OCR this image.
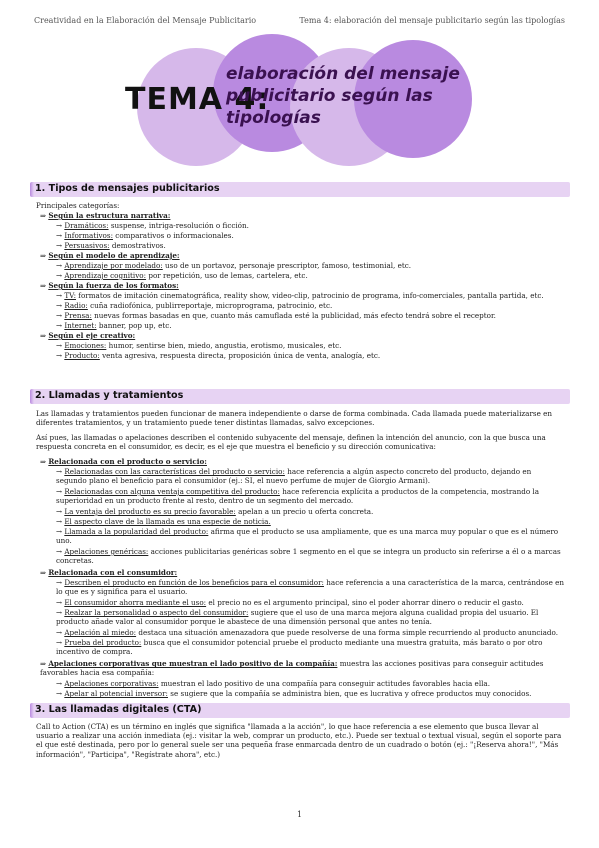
Creatividad en la Elaboración del Mensaje Publicitario	Tema 4: elaboración del mensaje publicitario según las tipologías
TEMA 4:
elaboración del mensaje publicitario según las tipologías
1. Tipos de mensajes publicitarios
Principales categorías:
⇒ Según la estructura narrativa:
→ Dramáticos: suspense, intriga-resolución o ficción.
→ Informativos: comparativos o informacionales.
→ Persuasivos: demostrativos.
⇒ Según el modelo de aprendizaje:
→ Aprendizaje por modelado: uso de un portavoz, personaje prescriptor, famoso, testimonial, etc.
→ Aprendizaje cognitivo: por repetición, uso de lemas, cartelera, etc.
⇒ Según la fuerza de los formatos:
→ TV: formatos de imitación cinematográfica, reality show, video-clip, patrocinio de programa, info-comerciales, pantalla partida, etc.
→ Radio: cuña radiofónica, publirreportaje, microprograma, patrocinio, etc.
→ Prensa: nuevas formas basadas en que, cuanto más camuflada esté la publicidad, más efecto tendrá sobre el receptor.
→ Internet: banner, pop up, etc.
⇒ Según el eje creativo:
→ Emociones: humor, sentirse bien, miedo, angustia, erotismo, musicales, etc.
→ Producto: venta agresiva, respuesta directa, proposición única de venta, analogía, etc.
2. Llamadas y tratamientos
Las llamadas y tratamientos pueden funcionar de manera independiente o darse de forma combinada. Cada llamada puede materializarse en diferentes tratamientos, y un tratamiento puede tener distintas llamadas, salvo excepciones.
Así pues, las llamadas o apelaciones describen el contenido subyacente del mensaje, definen la intención del anuncio, con la que busca una respuesta concreta en el consumidor, es decir, es el eje que muestra el beneficio y su dirección comunicativa:
⇒ Relacionada con el producto o servicio:
→ Relacionadas con las características del producto o servicio: hace referencia a algún aspecto concreto del producto, dejando en segundo plano el beneficio para el consumidor (ej.: SI, el nuevo perfume de mujer de Giorgio Armani).
→ Relacionadas con alguna ventaja competitiva del producto: hace referencia explícita a productos de la competencia, mostrando la superioridad en un producto frente al resto, dentro de un segmento del mercado.
→ La ventaja del producto es su precio favorable: apelan a un precio u oferta concreta.
→ El aspecto clave de la llamada es una especie de noticia.
→ Llamada a la popularidad del producto: afirma que el producto se usa ampliamente, que es una marca muy popular o que es el número uno.
→ Apelaciones genéricas: acciones publicitarias genéricas sobre 1 segmento en el que se integra un producto sin referirse a él o a marcas concretas.
⇒ Relacionada con el consumidor:
→ Describen el producto en función de los beneficios para el consumidor: hace referencia a una característica de la marca, centrándose en lo que es y significa para el usuario.
→ El consumidor ahorra mediante el uso: el precio no es el argumento principal, sino el poder ahorrar dinero o reducir el gasto.
→ Realzar la personalidad o aspecto del consumidor: sugiere que el uso de una marca mejora alguna cualidad propia del usuario. El producto añade valor al consumidor porque le abastece de una dimensión personal que antes no tenía.
→ Apelación al miedo: destaca una situación amenazadora que puede resolverse de una forma simple recurriendo al producto anunciado.
→ Prueba del producto: busca que el consumidor potencial pruebe el producto mediante una muestra gratuita, más barato o por otro incentivo de compra.
⇒ Apelaciones corporativas que muestran el lado positivo de la compañía: muestra las acciones positivas para conseguir actitudes favorables hacia esa compañía:
→ Apelaciones corporativas: muestran el lado positivo de una compañía para conseguir actitudes favorables hacia ella.
→ Apelar al potencial inversor: se sugiere que la compañía se administra bien, que es lucrativa y ofrece productos muy conocidos.
3. Las llamadas digitales (CTA)
Call to Action (CTA) es un término en inglés que significa "llamada a la acción", lo que hace referencia a ese elemento que busca llevar al usuario a realizar una acción inmediata (ej.: visitar la web, comprar un producto, etc.). Puede ser textual o textual visual, según el soporte para el que esté destinada, pero por lo general suele ser una pequeña frase enmarcada dentro de un cuadrado o botón (ej.: "¡Reserva ahora!", "Más información", "Participa", "Regístrate ahora", etc.)
1
